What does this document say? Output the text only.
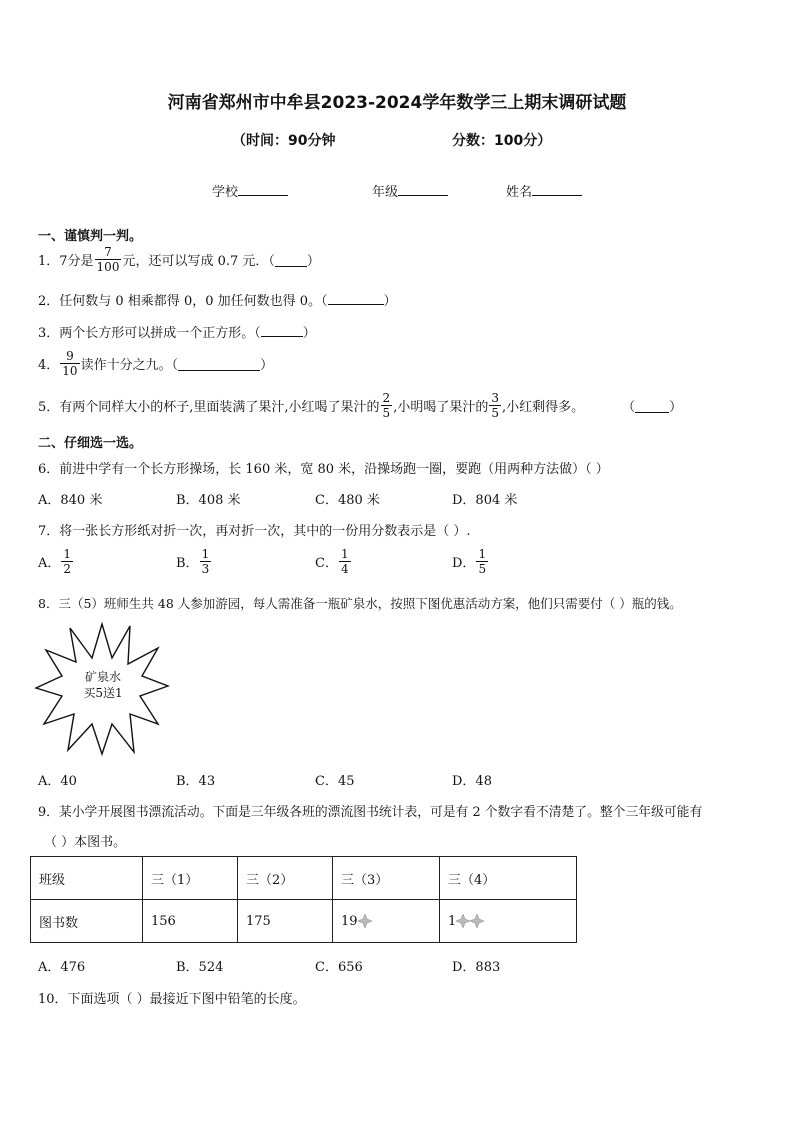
河南省郑州市中牟县2023-2024学年数学三上期末调研试题
（时间：90分钟	分数：100分）
学校	年级	姓名
一、谨慎判一判。
1．7分是 $\frac{7}{100}$ 元，还可以写成 0.7 元．（ ）
2．任何数与 0 相乘都得 0，0 加任何数也得 0。（	）
3．两个长方形可以拼成一个正方形。（	）
4． $\frac{9}{10}$ 读作十分之九。（	）
5．有两个同样大小的杯子,里面装满了果汁,小红喝了果汁的 $\frac{2}{5}$ ,小明喝了果汁的 $\frac{3}{5}$ ,小红剩得多。	（	）
二、仔细选一选。
6．前进中学有一个长方形操场，长 160 米，宽 80 米，沿操场跑一圈，要跑（用两种方法做）（ ）
A．840 米	B．408 米	C．480 米	D．804 米
7．将一张长方形纸对折一次，再对折一次，其中的一份用分数表示是（ ）.
A． $\frac{1}{2}$	B． $\frac{1}{3}$	C． $\frac{1}{4}$	D． $\frac{1}{5}$
8．三（5）班师生共 48 人参加游园，每人需准备一瓶矿泉水，按照下图优惠活动方案，他们只需要付（ ）瓶的钱。
矿泉水
买5送1
A．40	B．43	C．45	D．48
9．某小学开展图书漂流活动。下面是三年级各班的漂流图书统计表，可是有 2 个数字看不清楚了。整个三年级可能有
（ ）本图书。
班级	三（1）	三（2）	三（3）	三（4）
图书数	156	175	19	1
A．476	B．524	C．656	D．883
10．下面选项（ ）最接近下图中铅笔的长度。
